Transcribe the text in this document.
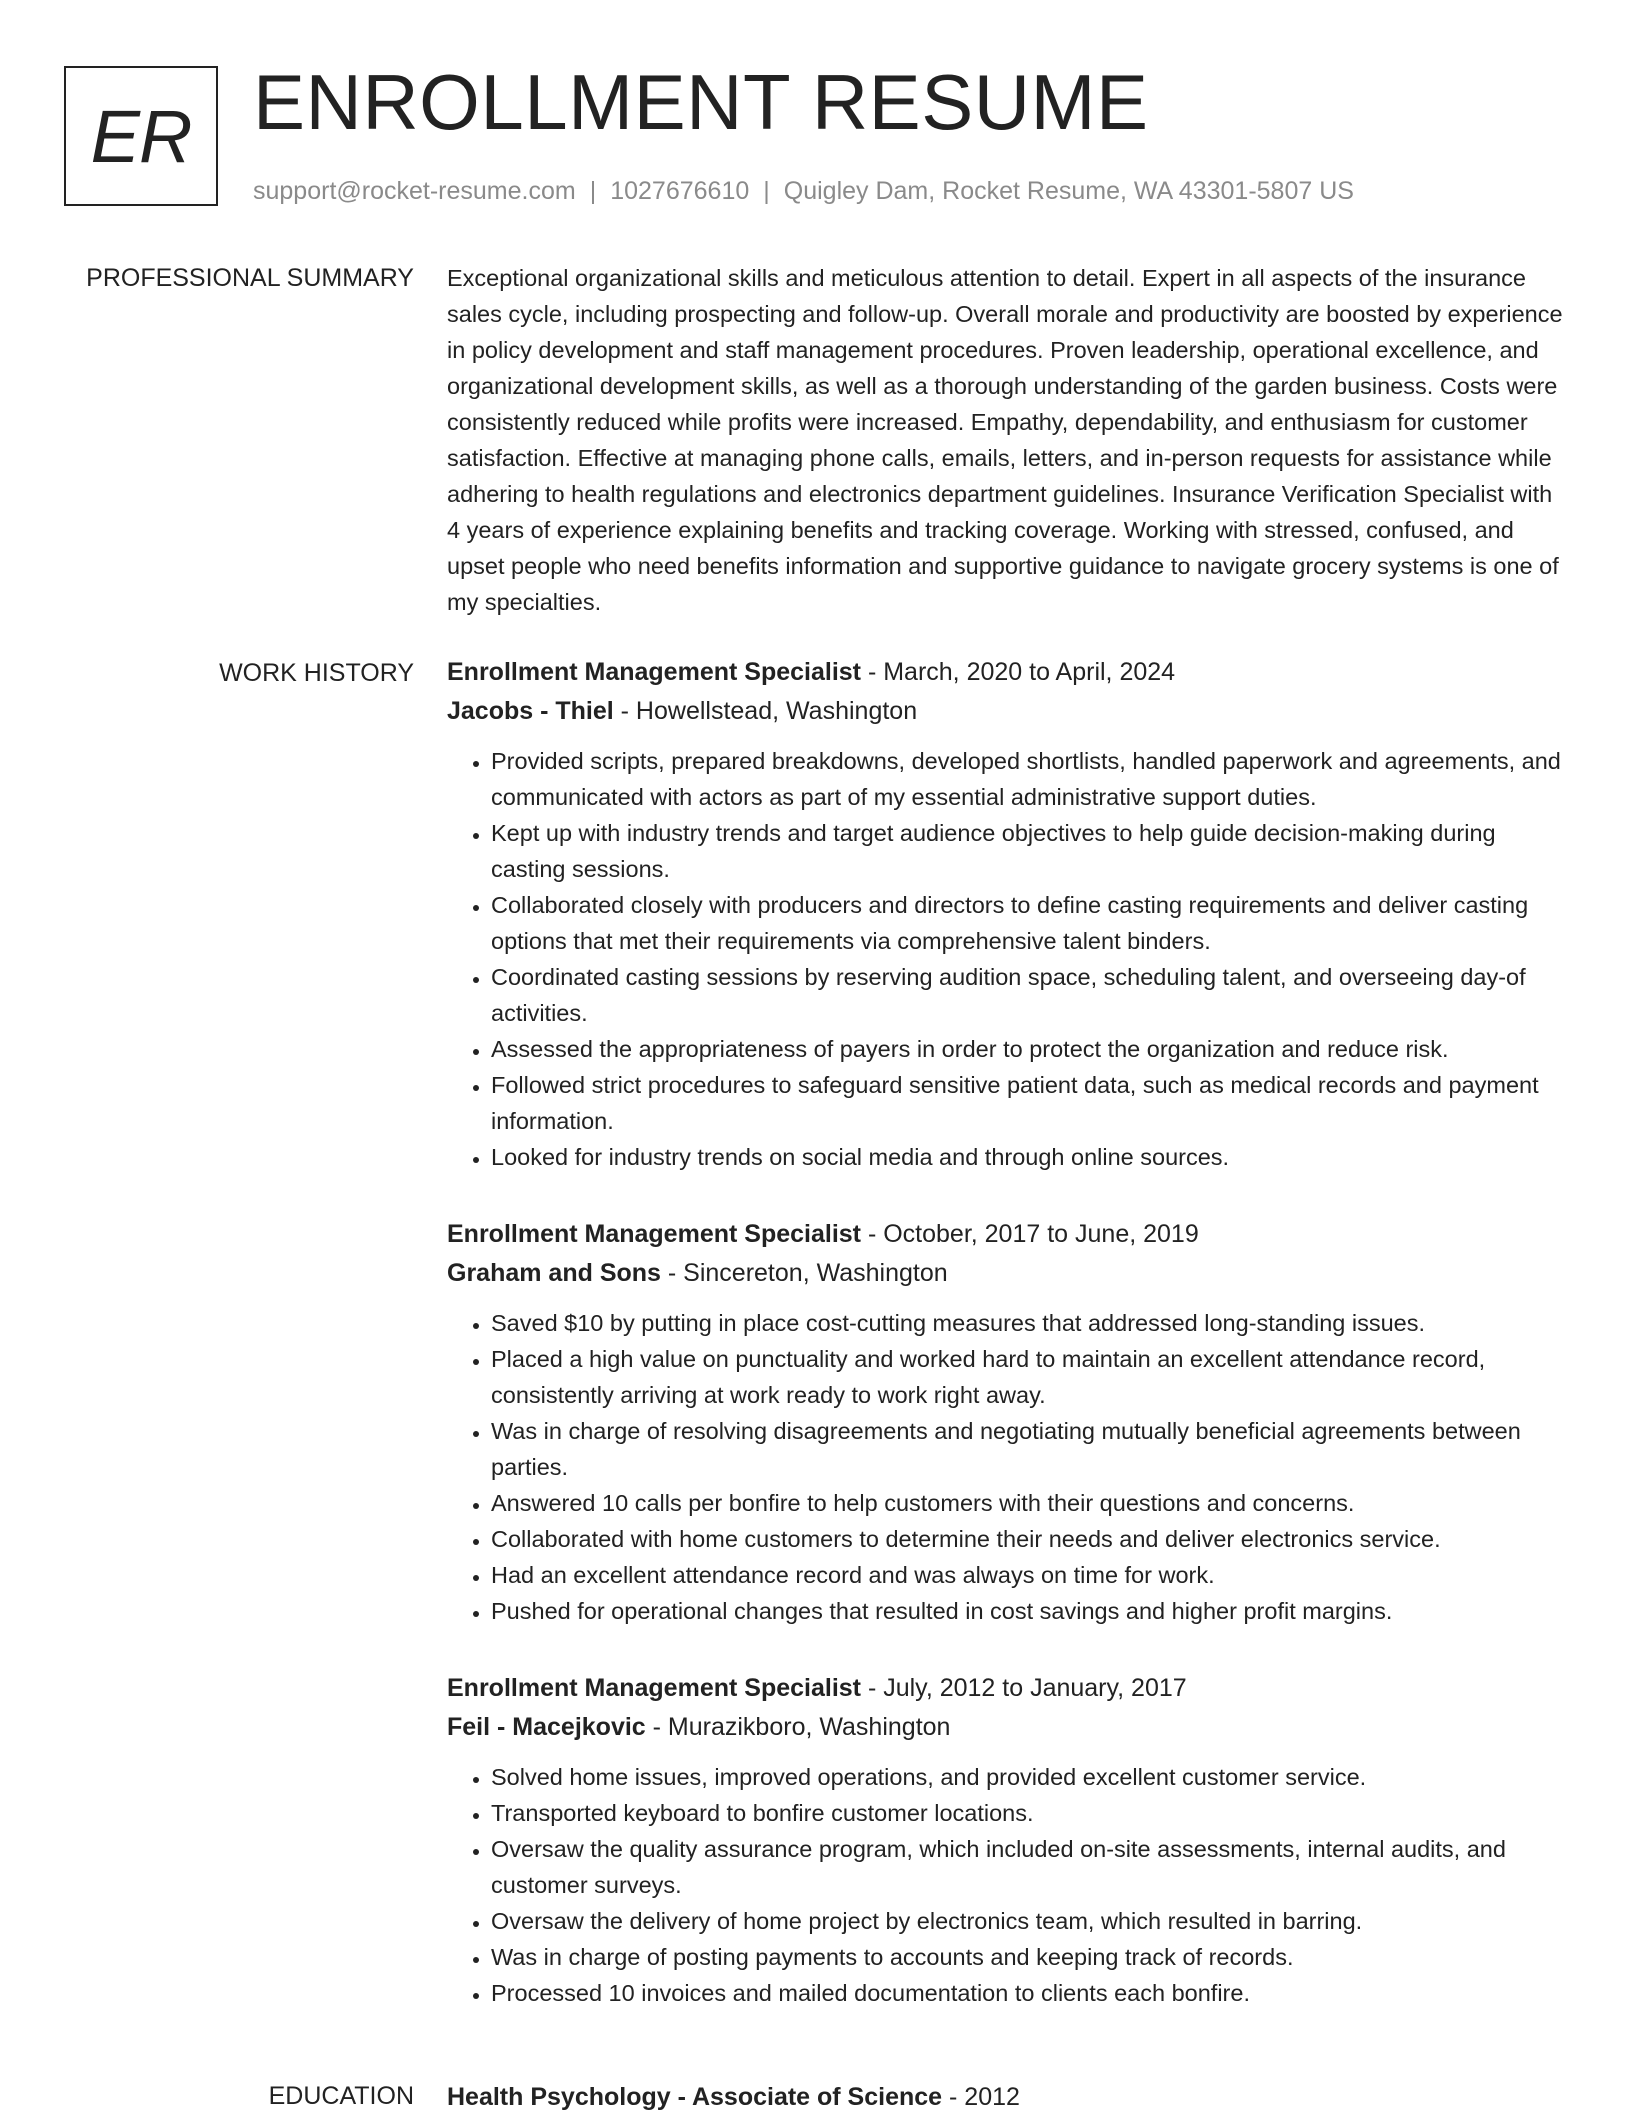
ER ENROLLMENT RESUME
support@rocket-resume.com | 1027676610 | Quigley Dam, Rocket Resume, WA 43301-5807 US
PROFESSIONAL SUMMARY Exceptional organizational skills and meticulous attention to detail. Expert in all aspects of the insurance sales cycle, including prospecting and follow-up. Overall morale and productivity are boosted by experience in policy development and staff management procedures. Proven leadership, operational excellence, and organizational development skills, as well as a thorough understanding of the garden business. Costs were consistently reduced while profits were increased. Empathy, dependability, and enthusiasm for customer satisfaction. Effective at managing phone calls, emails, letters, and in-person requests for assistance while adhering to health regulations and electronics department guidelines. Insurance Verification Specialist with 4 years of experience explaining benefits and tracking coverage. Working with stressed, confused, and upset people who need benefits information and supportive guidance to navigate grocery systems is one of my specialties.

WORK HISTORY Enrollment Management Specialist - March, 2020 to April, 2024
Jacobs - Thiel - Howellstead, Washington
• Provided scripts, prepared breakdowns, developed shortlists, handled paperwork and agreements, and communicated with actors as part of my essential administrative support duties.
• Kept up with industry trends and target audience objectives to help guide decision-making during casting sessions.
• Collaborated closely with producers and directors to define casting requirements and deliver casting options that met their requirements via comprehensive talent binders.
• Coordinated casting sessions by reserving audition space, scheduling talent, and overseeing day-of activities.
• Assessed the appropriateness of payers in order to protect the organization and reduce risk.
• Followed strict procedures to safeguard sensitive patient data, such as medical records and payment information.
• Looked for industry trends on social media and through online sources.
Enrollment Management Specialist - October, 2017 to June, 2019
Graham and Sons - Sincereton, Washington
• Saved $10 by putting in place cost-cutting measures that addressed long-standing issues.
• Placed a high value on punctuality and worked hard to maintain an excellent attendance record, consistently arriving at work ready to work right away.
• Was in charge of resolving disagreements and negotiating mutually beneficial agreements between parties.
• Answered 10 calls per bonfire to help customers with their questions and concerns.
• Collaborated with home customers to determine their needs and deliver electronics service.
• Had an excellent attendance record and was always on time for work.
• Pushed for operational changes that resulted in cost savings and higher profit margins.
Enrollment Management Specialist - July, 2012 to January, 2017
Feil - Macejkovic - Murazikboro, Washington
• Solved home issues, improved operations, and provided excellent customer service.
• Transported keyboard to bonfire customer locations.
• Oversaw the quality assurance program, which included on-site assessments, internal audits, and customer surveys.
• Oversaw the delivery of home project by electronics team, which resulted in barring.
• Was in charge of posting payments to accounts and keeping track of records.
• Processed 10 invoices and mailed documentation to clients each bonfire.
EDUCATION Health Psychology - Associate of Science - 2012
